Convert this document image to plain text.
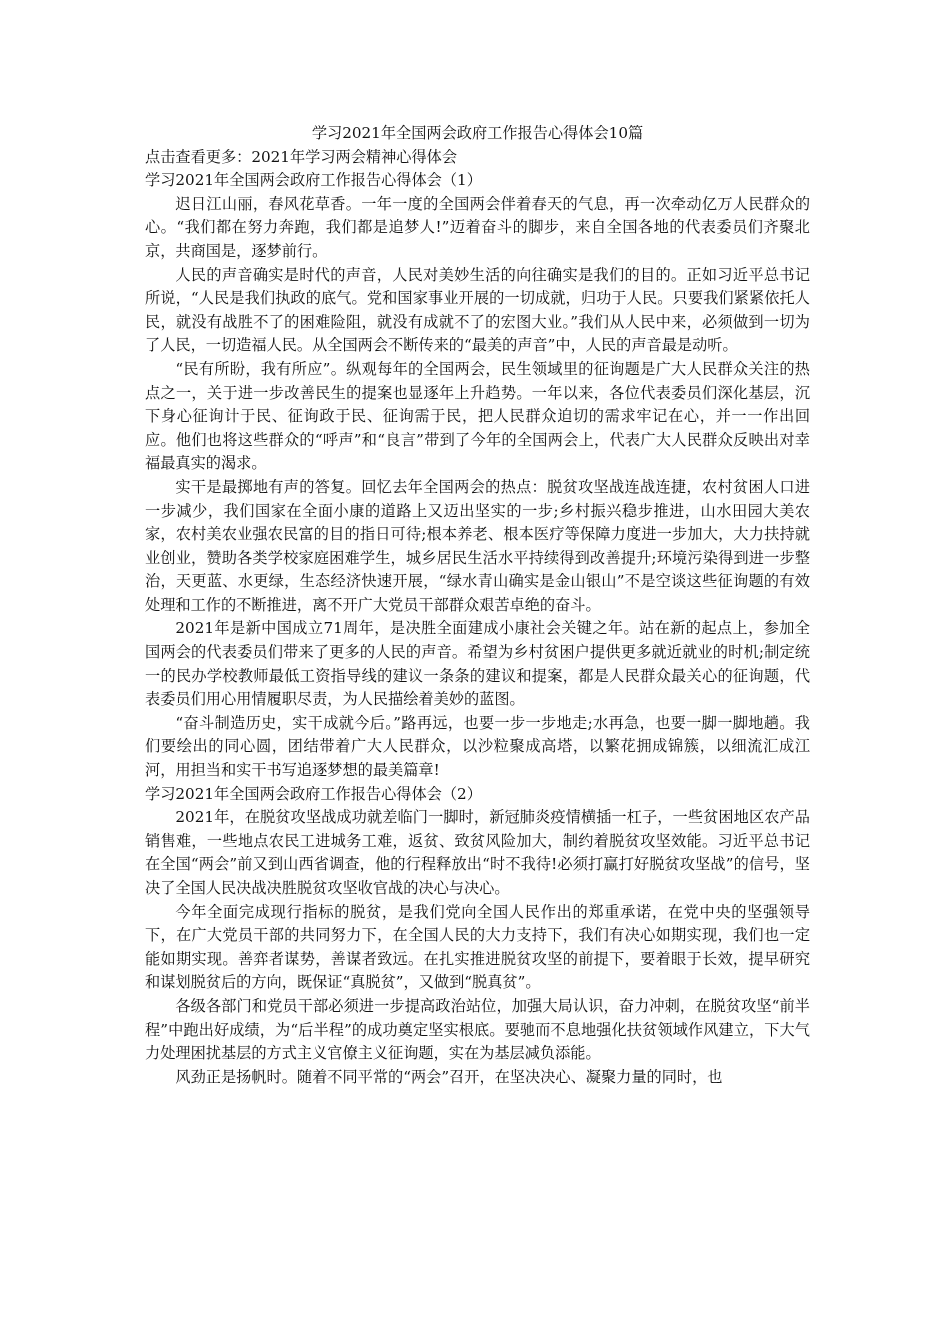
学习2021年全国两会政府工作报告心得体会10篇
点击查看更多：2021年学习两会精神心得体会
学习2021年全国两会政府工作报告心得体会（1）

迟日江山丽，春风花草香。一年一度的全国两会伴着春天的气息，再一次牵动亿万人民群众的心。“我们都在努力奔跑，我们都是追梦人!”迈着奋斗的脚步，来自全国各地的代表委员们齐聚北京，共商国是，逐梦前行。

人民的声音确实是时代的声音，人民对美妙生活的向往确实是我们的目的。正如习近平总书记所说，“人民是我们执政的底气。党和国家事业开展的一切成就，归功于人民。只要我们紧紧依托人民，就没有战胜不了的困难险阻，就没有成就不了的宏图大业。”我们从人民中来，必须做到一切为了人民，一切造福人民。从全国两会不断传来的“最美的声音”中，人民的声音最是动听。

“民有所盼，我有所应”。纵观每年的全国两会，民生领域里的征询题是广大人民群众关注的热点之一，关于进一步改善民生的提案也显逐年上升趋势。一年以来，各位代表委员们深化基层，沉下身心征询计于民、征询政于民、征询需于民，把人民群众迫切的需求牢记在心，并一一作出回应。他们也将这些群众的“呼声”和“良言”带到了今年的全国两会上，代表广大人民群众反映出对幸福最真实的渴求。

实干是最掷地有声的答复。回忆去年全国两会的热点：脱贫攻坚战连战连捷，农村贫困人口进一步减少，我们国家在全面小康的道路上又迈出坚实的一步;乡村振兴稳步推进，山水田园大美农家，农村美农业强农民富的目的指日可待;根本养老、根本医疗等保障力度进一步加大，大力扶持就业创业，赞助各类学校家庭困难学生，城乡居民生活水平持续得到改善提升;环境污染得到进一步整治，天更蓝、水更绿，生态经济快速开展，“绿水青山确实是金山银山”不是空谈这些征询题的有效处理和工作的不断推进，离不开广大党员干部群众艰苦卓绝的奋斗。

2021年是新中国成立71周年，是决胜全面建成小康社会关键之年。站在新的起点上，参加全国两会的代表委员们带来了更多的人民的声音。希望为乡村贫困户提供更多就近就业的时机;制定统一的民办学校教师最低工资指导线的建议一条条的建议和提案，都是人民群众最关心的征询题，代表委员们用心用情履职尽责，为人民描绘着美妙的蓝图。

“奋斗制造历史，实干成就今后。”路再远，也要一步一步地走;水再急，也要一脚一脚地趟。我们要绘出的同心圆，团结带着广大人民群众，以沙粒聚成高塔，以繁花拥成锦簇，以细流汇成江河，用担当和实干书写追逐梦想的最美篇章!

学习2021年全国两会政府工作报告心得体会（2）

2021年，在脱贫攻坚战成功就差临门一脚时，新冠肺炎疫情横插一杠子，一些贫困地区农产品销售难，一些地点农民工进城务工难，返贫、致贫风险加大，制约着脱贫攻坚效能。习近平总书记在全国“两会”前又到山西省调查，他的行程释放出“时不我待!必须打赢打好脱贫攻坚战”的信号，坚决了全国人民决战决胜脱贫攻坚收官战的决心与决心。

今年全面完成现行指标的脱贫，是我们党向全国人民作出的郑重承诺，在党中央的坚强领导下，在广大党员干部的共同努力下，在全国人民的大力支持下，我们有决心如期实现，我们也一定能如期实现。善弈者谋势，善谋者致远。在扎实推进脱贫攻坚的前提下，要着眼于长效，提早研究和谋划脱贫后的方向，既保证“真脱贫”，又做到“脱真贫”。

各级各部门和党员干部必须进一步提高政治站位，加强大局认识，奋力冲刺，在脱贫攻坚“前半程”中跑出好成绩，为“后半程”的成功奠定坚实根底。要驰而不息地强化扶贫领域作风建立，下大气力处理困扰基层的方式主义官僚主义征询题，实在为基层减负添能。

风劲正是扬帆时。随着不同平常的“两会”召开，在坚决决心、凝聚力量的同时，也
